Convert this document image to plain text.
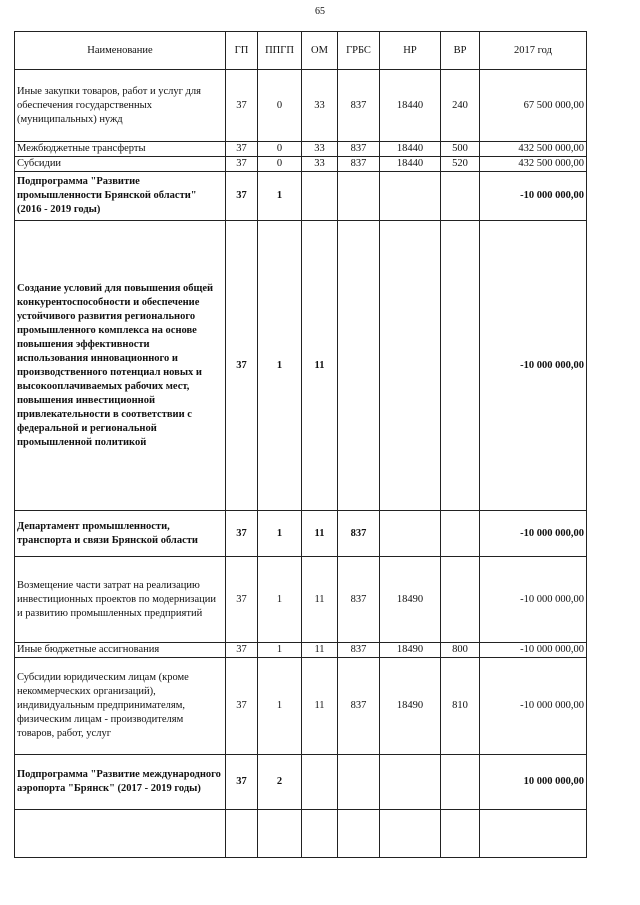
65
Наименование	ГП	ППГП	ОМ	ГРБС	НР	ВР	2017 год
Иные закупки товаров, работ и услуг для обеспечения государственных (муниципальных) нужд	37	0	33	837	18440	240	67 500 000,00
Межбюджетные трансферты	37	0	33	837	18440	500	432 500 000,00
Субсидии	37	0	33	837	18440	520	432 500 000,00
Подпрограмма "Развитие промышленности Брянской области" (2016 - 2019 годы)	37	1					-10 000 000,00
Создание условий для повышения общей конкурентоспособности и обеспечение устойчивого развития регионального промышленного комплекса на основе повышения эффективности использования инновационного и производственного потенциал новых и высокооплачиваемых рабочих мест, повышения инвестиционной привлекательности в соответствии с федеральной и региональной промышленной политикой	37	1	11				-10 000 000,00
Департамент промышленности, транспорта и связи Брянской области	37	1	11	837			-10 000 000,00
Возмещение части затрат на реализацию инвестиционных проектов по модернизации и развитию промышленных предприятий	37	1	11	837	18490		-10 000 000,00
Иные бюджетные ассигнования	37	1	11	837	18490	800	-10 000 000,00
Субсидии юридическим лицам (кроме некоммерческих организаций), индивидуальным предпринимателям, физическим лицам - производителям товаров, работ, услуг	37	1	11	837	18490	810	-10 000 000,00
Подпрограмма "Развитие международного аэропорта "Брянск" (2017 - 2019 годы)	37	2					10 000 000,00
